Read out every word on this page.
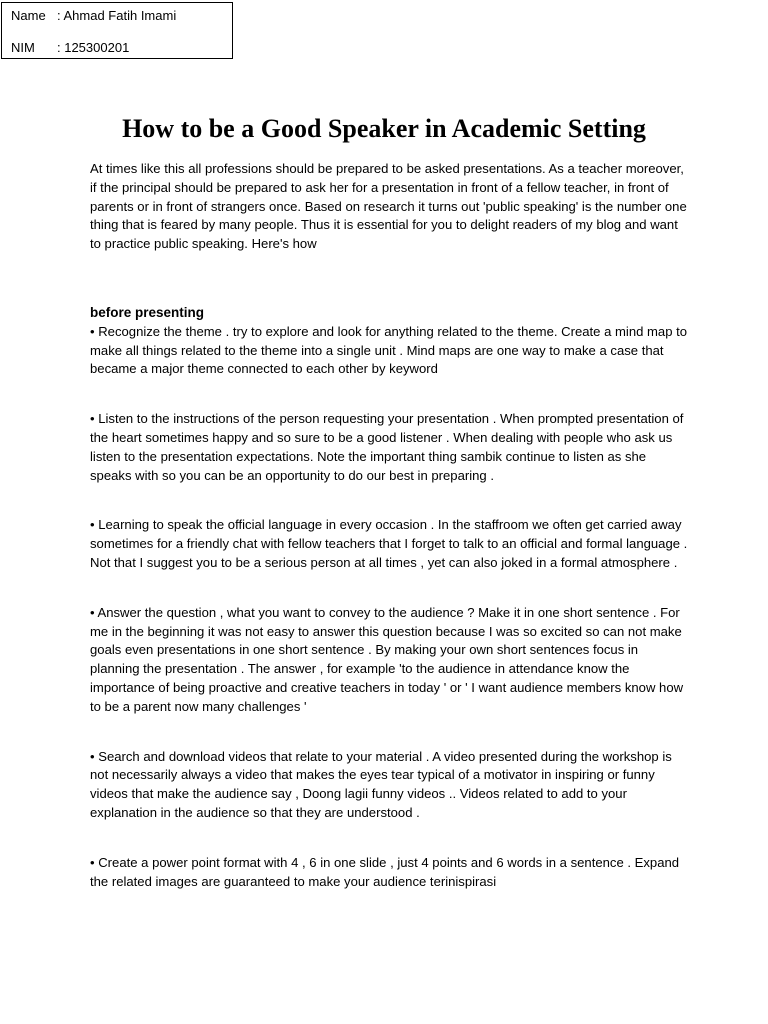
Name : Ahmad Fatih Imami
NIM : 125300201
How to be a Good Speaker in Academic Setting

At times like this all professions should be prepared to be asked presentations. As a teacher moreover, if the principal should be prepared to ask her for a presentation in front of a fellow teacher, in front of parents or in front of strangers once. Based on research it turns out 'public speaking' is the number one thing that is feared by many people. Thus it is essential for you to delight readers of my blog and want to practice public speaking. Here's how

before presenting

• Recognize the theme . try to explore and look for anything related to the theme. Create a mind map to make all things related to the theme into a single unit . Mind maps are one way to make a case that became a major theme connected to each other by keyword

• Listen to the instructions of the person requesting your presentation . When prompted presentation of the heart sometimes happy and so sure to be a good listener . When dealing with people who ask us listen to the presentation expectations. Note the important thing sambik continue to listen as she speaks with so you can be an opportunity to do our best in preparing .

• Learning to speak the official language in every occasion . In the staffroom we often get carried away sometimes for a friendly chat with fellow teachers that I forget to talk to an official and formal language . Not that I suggest you to be a serious person at all times , yet can also joked in a formal atmosphere .

• Answer the question , what you want to convey to the audience ? Make it in one short sentence . For me in the beginning it was not easy to answer this question because I was so excited so can not make goals even presentations in one short sentence . By making your own short sentences focus in planning the presentation . The answer , for example 'to the audience in attendance know the importance of being proactive and creative teachers in today ' or ' I want audience members know how to be a parent now many challenges '

• Search and download videos that relate to your material . A video presented during the workshop is not necessarily always a video that makes the eyes tear typical of a motivator in inspiring or funny videos that make the audience say , Doong lagii funny videos .. Videos related to add to your explanation in the audience so that they are understood .

• Create a power point format with 4 , 6 in one slide , just 4 points and 6 words in a sentence . Expand the related images are guaranteed to make your audience terinispirasi
